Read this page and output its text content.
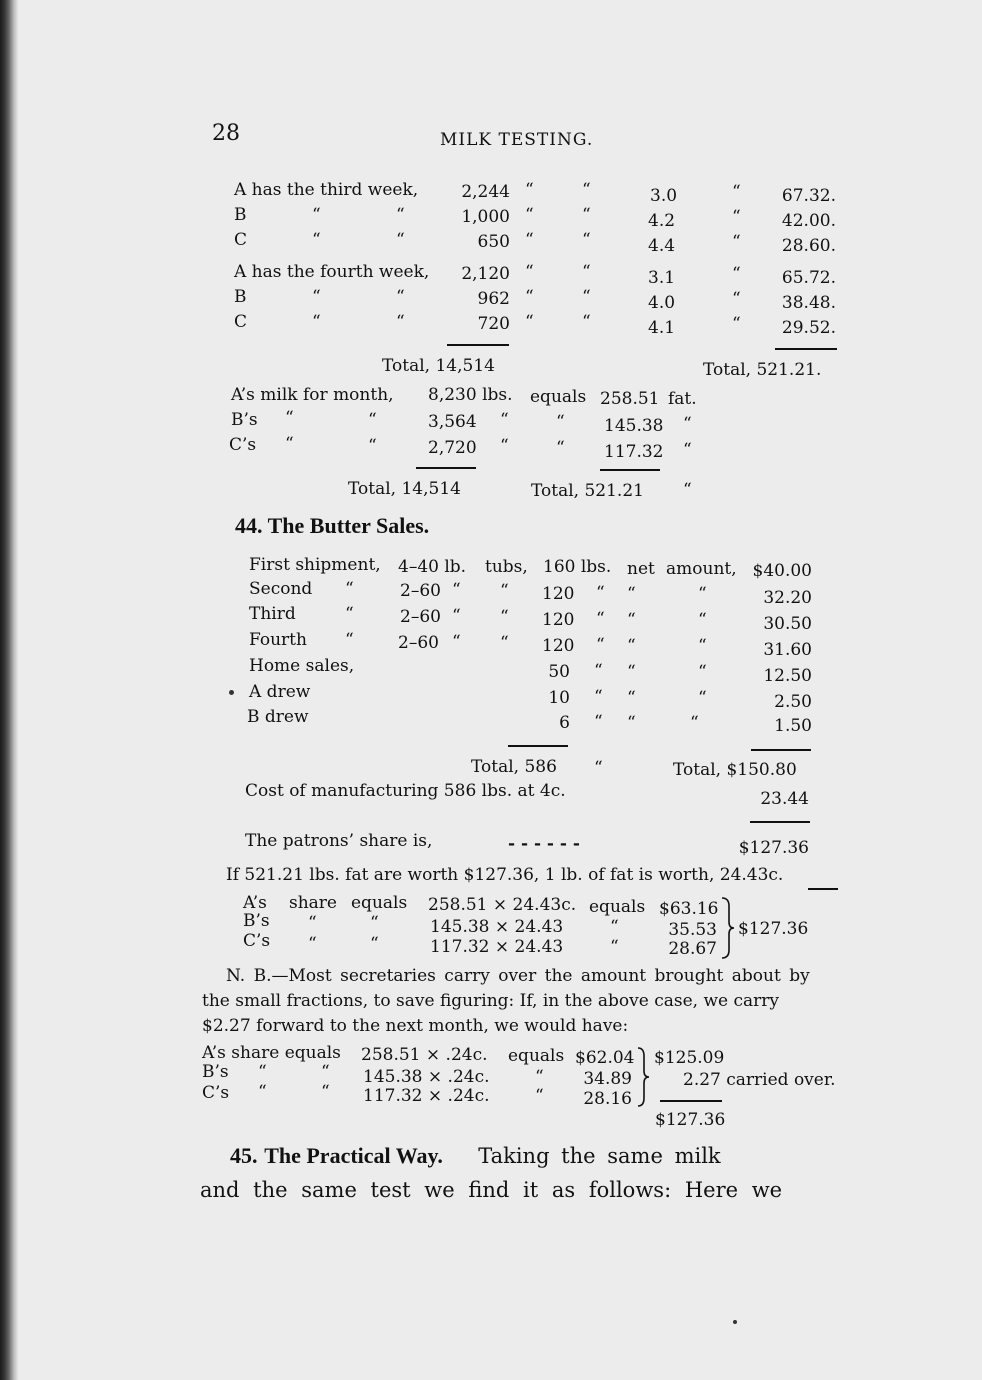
28	MILK TESTING.
A has the third week,	2,244 “	“	3.0	“	67.32.
B	“	“	1,000 “	“	4.2	“	42.00.
C	“	“	650 “	“	4.4	“	28.60.
A has the fourth week,	2,120 “	“	3.1	“	65.72.
B	“	“	962 “	“	4.0	“	38.48.
C	“	“	720 “	“	4.1	“	29.52.
Total, 14,514	Total, 521.21.
A’s milk for month, 8,230 lbs. equals 258.51 fat.
B’s “	“	3,564 “	“ 145.38 “
C’s “	“	2,720 “	“ 117.32 “
Total, 14,514	Total, 521.21 “
44. The Butter Sales.
First shipment, 4–40 lb. tubs, 160 lbs. net amount, $40.00
Second “	2–60 “ “ 120 “ “	“	32.20
Third	“	2–60 “ “ 120 “ “	“	30.50
Fourth “	2–60 “ “ 120 “ “	“	31.60
Home sales,	50 “ “	“	12.50
A drew	10 “ “	“	2.50
B drew	6 “ “	“	1.50
Total, 586 “	Total, $150.80
Cost of manufacturing 586 lbs. at 4c.	23.44
The patrons’ share is,	- - - - - -	$127.36
If 521.21 lbs. fat are worth $127.36, 1 lb. of fat is worth, 24.43c.
A’s share equals 258.51 × 24.43c. equals $63.16
B’s “	“	145.38 × 24.43	“	35.53
C’s “	“	117.32 × 24.43	“	28.67
$127.36
N. B.—Most secretaries carry over the amount brought about by
the small fractions, to save figuring: If, in the above case, we carry
$2.27 forward to the next month, we would have:
A’s share equals 258.51 × .24c. equals $62.04
B’s “	“ 145.38 × .24c.	“	34.89
C’s “	“ 117.32 × .24c.	“	28.16
$125.09
2.27 carried over.
$127.36
45. The Practical Way. Taking the same milk
and the same test we find it as follows: Here we
